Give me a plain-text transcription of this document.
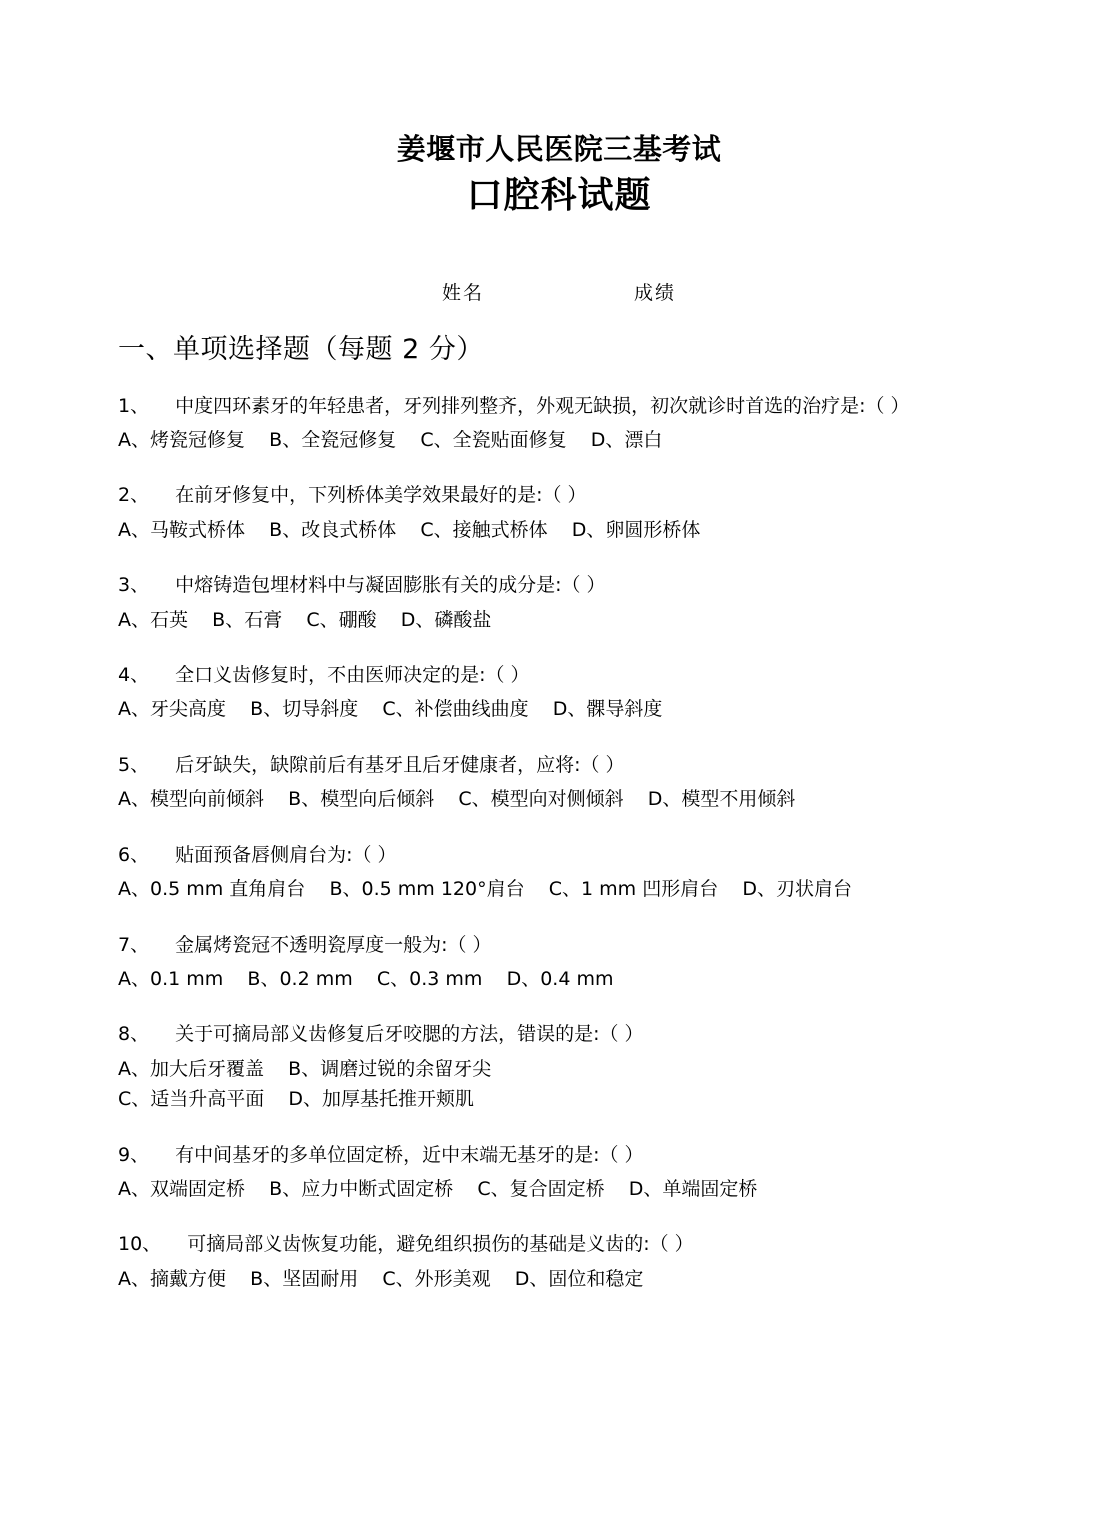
姜堰市人民医院三基考试
口腔科试题
姓名	成绩
一、单项选择题（每题 2 分）
1、 中度四环素牙的年轻患者，牙列排列整齐，外观无缺损，初次就诊时首选的治疗是:（ ）
A、烤瓷冠修复    B、全瓷冠修复    C、全瓷贴面修复    D、漂白
2、 在前牙修复中，下列桥体美学效果最好的是:（ ）
A、马鞍式桥体    B、改良式桥体    C、接触式桥体    D、卵圆形桥体
3、 中熔铸造包埋材料中与凝固膨胀有关的成分是:（ ）
A、石英    B、石膏    C、硼酸    D、磷酸盐
4、 全口义齿修复时，不由医师决定的是:（ ）
A、牙尖高度    B、切导斜度    C、补偿曲线曲度    D、髁导斜度
5、 后牙缺失，缺隙前后有基牙且后牙健康者，应将:（ ）
A、模型向前倾斜    B、模型向后倾斜    C、模型向对侧倾斜    D、模型不用倾斜
6、 贴面预备唇侧肩台为:（ ）
A、0.5 mm 直角肩台    B、0.5 mm 120°肩台    C、1 mm 凹形肩台    D、刃状肩台
7、 金属烤瓷冠不透明瓷厚度一般为:（ ）
A、0.1 mm    B、0.2 mm    C、0.3 mm    D、0.4 mm
8、 关于可摘局部义齿修复后牙咬腮的方法，错误的是:（ ）
A、加大后牙覆盖    B、调磨过锐的余留牙尖
C、适当升高平面    D、加厚基托推开颊肌
9、 有中间基牙的多单位固定桥，近中末端无基牙的是:（ ）
A、双端固定桥    B、应力中断式固定桥    C、复合固定桥    D、单端固定桥
10、 可摘局部义齿恢复功能，避免组织损伤的基础是义齿的:（ ）
A、摘戴方便    B、坚固耐用    C、外形美观    D、固位和稳定
